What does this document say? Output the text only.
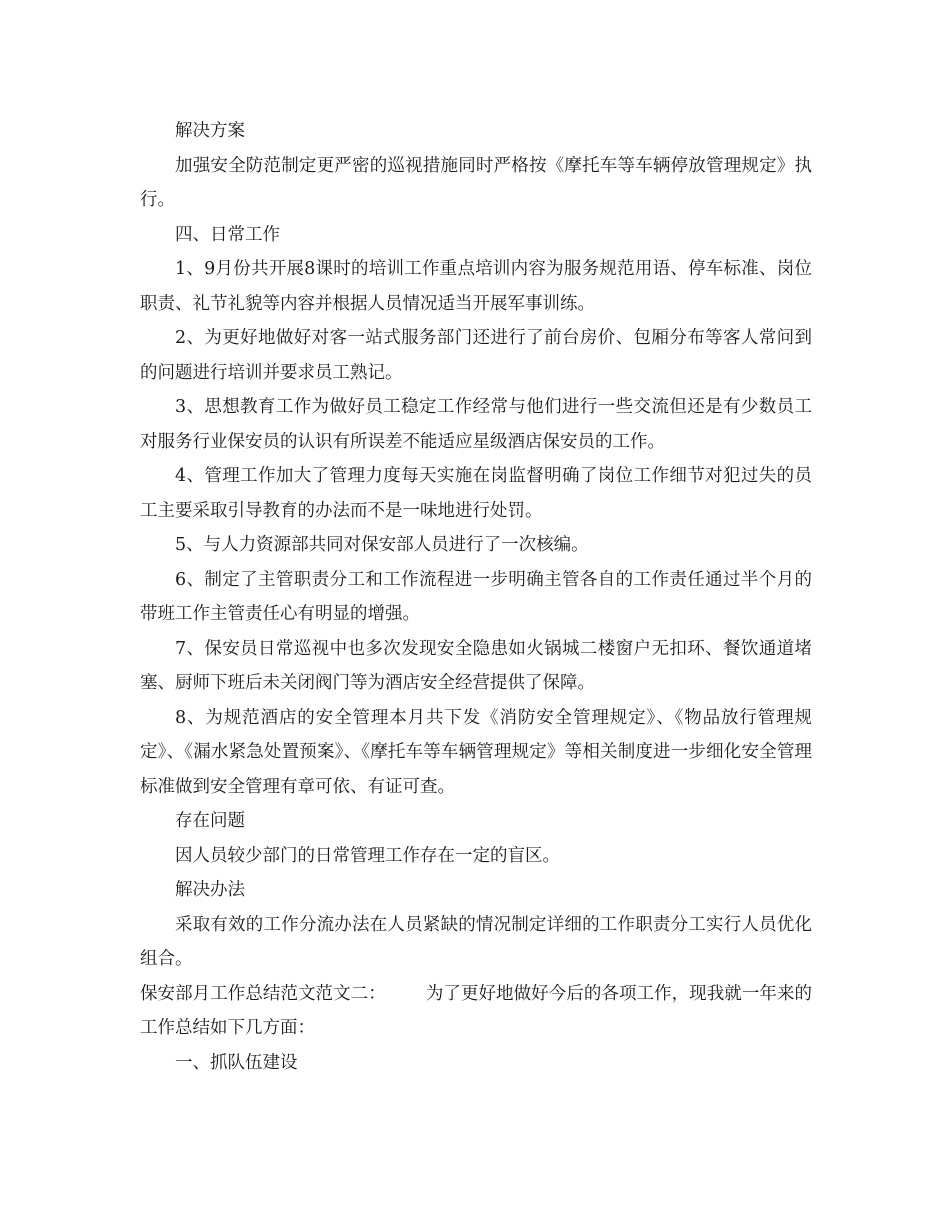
解决方案

加强安全防范制定更严密的巡视措施同时严格按《摩托车等车辆停放管理规定》执行。

四、日常工作

1、9月份共开展8课时的培训工作重点培训内容为服务规范用语、停车标准、岗位职责、礼节礼貌等内容并根据人员情况适当开展军事训练。

2、为更好地做好对客一站式服务部门还进行了前台房价、包厢分布等客人常问到的问题进行培训并要求员工熟记。

3、思想教育工作为做好员工稳定工作经常与他们进行一些交流但还是有少数员工对服务行业保安员的认识有所误差不能适应星级酒店保安员的工作。

4、管理工作加大了管理力度每天实施在岗监督明确了岗位工作细节对犯过失的员工主要采取引导教育的办法而不是一味地进行处罚。

5、与人力资源部共同对保安部人员进行了一次核编。

6、制定了主管职责分工和工作流程进一步明确主管各自的工作责任通过半个月的带班工作主管责任心有明显的增强。

7、保安员日常巡视中也多次发现安全隐患如火锅城二楼窗户无扣环、餐饮通道堵塞、厨师下班后未关闭阀门等为酒店安全经营提供了保障。

8、为规范酒店的安全管理本月共下发《消防安全管理规定》、《物品放行管理规定》、《漏水紧急处置预案》、《摩托车等车辆管理规定》等相关制度进一步细化安全管理标准做到安全管理有章可依、有证可查。

存在问题

因人员较少部门的日常管理工作存在一定的盲区。

解决办法

采取有效的工作分流办法在人员紧缺的情况制定详细的工作职责分工实行人员优化组合。

保安部月工作总结范文范文二： 为了更好地做好今后的各项工作，现我就一年来的工作总结如下几方面：

一、抓队伍建设
